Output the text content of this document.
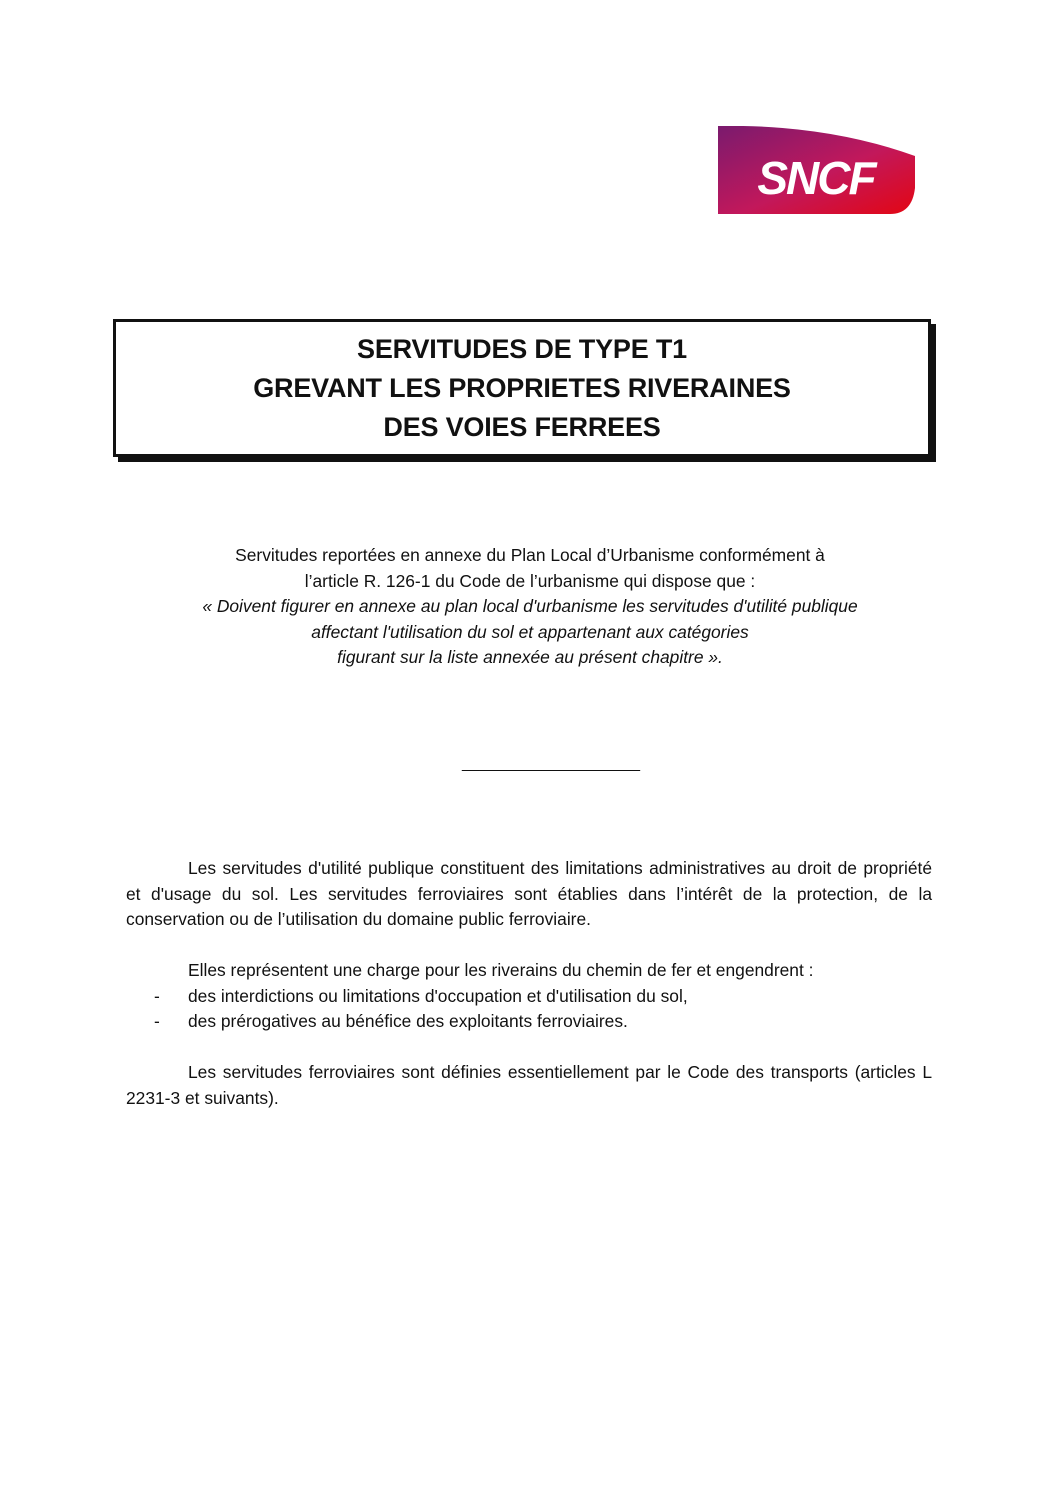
SNCF
SERVITUDES DE TYPE T1
GREVANT LES PROPRIETES RIVERAINES
DES VOIES FERREES
Servitudes reportées en annexe du Plan Local d’Urbanisme conformément à
l’article R. 126-1 du Code de l’urbanisme qui dispose que :
« Doivent figurer en annexe au plan local d'urbanisme les servitudes d'utilité publique
affectant l'utilisation du sol et appartenant aux catégories
figurant sur la liste annexée au présent chapitre ».
____________________

Les servitudes d'utilité publique constituent des limitations administratives au droit de propriété et d'usage du sol. Les servitudes ferroviaires sont établies dans l’intérêt de la protection, de la conservation ou de l’utilisation du domaine public ferroviaire.

Elles représentent une charge pour les riverains du chemin de fer et engendrent :

-	des interdictions ou limitations d'occupation et d'utilisation du sol,
-	des prérogatives au bénéfice des exploitants ferroviaires.

Les servitudes ferroviaires sont définies essentiellement par le Code des transports (articles L 2231-3 et suivants).
